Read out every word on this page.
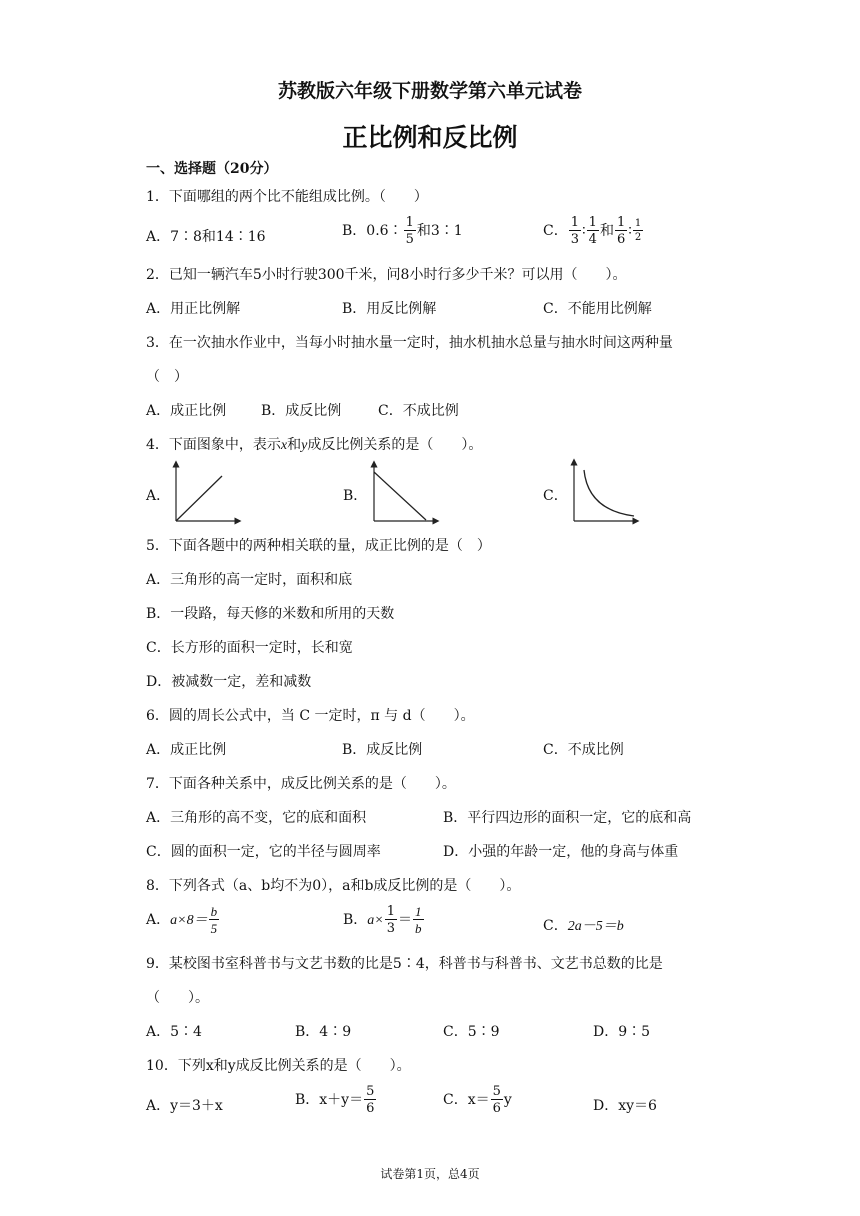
苏教版六年级下册数学第六单元试卷
正比例和反比例
一、选择题（20分）
1．下面哪组的两个比不能组成比例。（　　）
A．7∶8和14∶16	B．0.6∶ $\frac{1}{5}$ 和3∶1	C． $\frac{1}{3}$ ∶ $\frac{1}{4}$ 和 $\frac{1}{6}$ ∶ $\frac{1}{2}$
2．已知一辆汽车5小时行驶300千米，问8小时行多少千米？可以用（　　）。
A．用正比例解	B．用反比例解	C．不能用比例解
3．在一次抽水作业中，当每小时抽水量一定时，抽水机抽水总量与抽水时间这两种量
（　）
A．成正比例 B．成反比例	C．不成比例
4．下面图象中，表示x和y成反比例关系的是（　　）。
A．	B．	C．
5．下面各题中的两种相关联的量，成正比例的是（　）
A．三角形的高一定时，面积和底
B．一段路，每天修的米数和所用的天数
C．长方形的面积一定时，长和宽
D．被减数一定，差和减数
6．圆的周长公式中，当 C 一定时，π 与 d（　　）。
A．成正比例	B．成反比例	C．不成比例
7．下面各种关系中，成反比例关系的是（　　）。
A．三角形的高不变，它的底和面积	B．平行四边形的面积一定，它的底和高
C．圆的面积一定，它的半径与圆周率	D．小强的年龄一定，他的身高与体重
8．下列各式（a、b均不为0），a和b成反比例的是（　　）。
A．$a\times 8= \frac{b}{5}$	B．$a\times \frac{1}{3} = \frac{1}{b}$	C．2a－5＝b
9．某校图书室科普书与文艺书数的比是5∶4，科普书与科普书、文艺书总数的比是
（　　）。
A．5∶4	B．4∶9	C．5∶9	D．9∶5
10．下列x和y成反比例关系的是（　　）。
A．y＝3＋x	B．$x+y= \frac{5}{6}$	C．$x= \frac{5}{6}$ y	D．xy＝6
试卷第1页，总4页
